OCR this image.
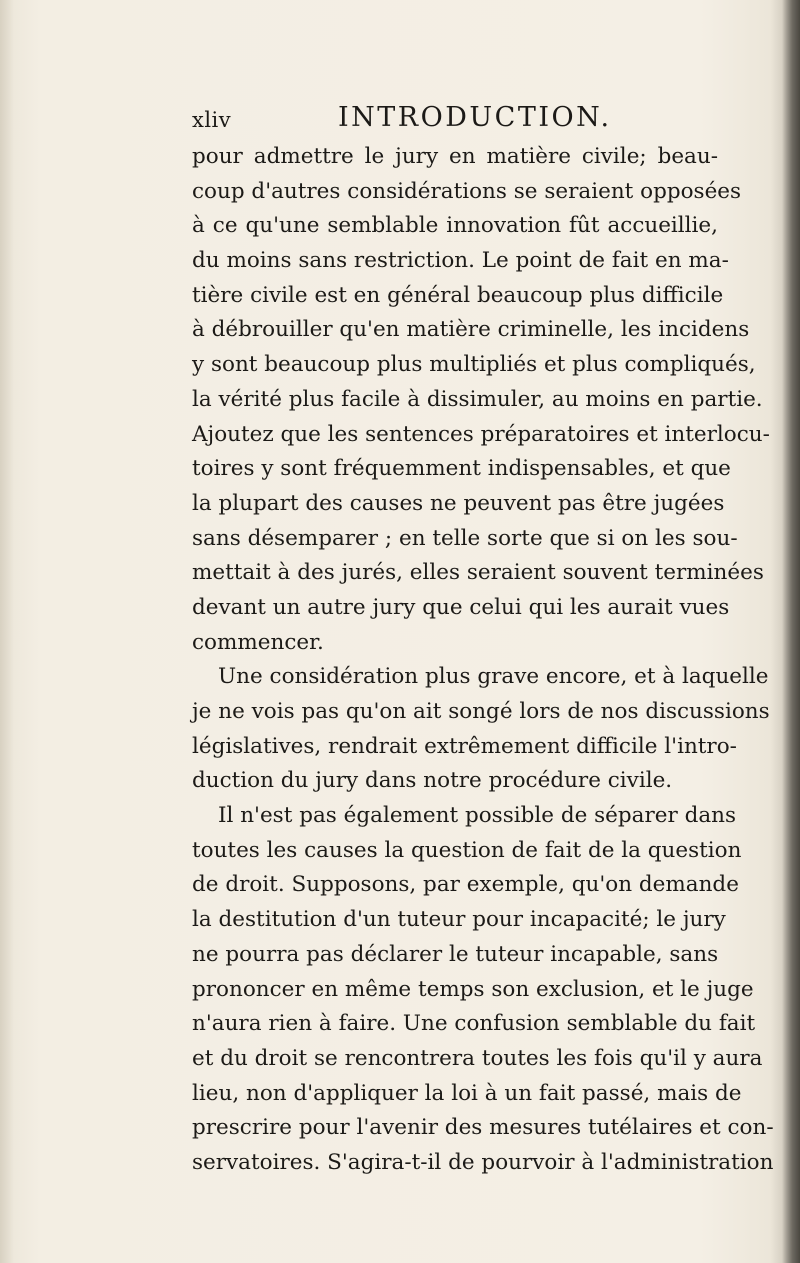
xliv	INTRODUCTION.
pour admettre le jury en matière civile; beau-
coup d'autres considérations se seraient opposées
à ce qu'une semblable innovation fût accueillie,
du moins sans restriction. Le point de fait en ma-
tière civile est en général beaucoup plus difficile
à débrouiller qu'en matière criminelle, les incidens
y sont beaucoup plus multipliés et plus compliqués,
la vérité plus facile à dissimuler, au moins en partie.
Ajoutez que les sentences préparatoires et interlocu-
toires y sont fréquemment indispensables, et que
la plupart des causes ne peuvent pas être jugées
sans désemparer ; en telle sorte que si on les sou-
mettait à des jurés, elles seraient souvent terminées
devant un autre jury que celui qui les aurait vues
commencer.
Une considération plus grave encore, et à laquelle
je ne vois pas qu'on ait songé lors de nos discussions
législatives, rendrait extrêmement difficile l'intro-
duction du jury dans notre procédure civile.
Il n'est pas également possible de séparer dans
toutes les causes la question de fait de la question
de droit. Supposons, par exemple, qu'on demande
la destitution d'un tuteur pour incapacité; le jury
ne pourra pas déclarer le tuteur incapable, sans
prononcer en même temps son exclusion, et le juge
n'aura rien à faire. Une confusion semblable du fait
et du droit se rencontrera toutes les fois qu'il y aura
lieu, non d'appliquer la loi à un fait passé, mais de
prescrire pour l'avenir des mesures tutélaires et con-
servatoires. S'agira-t-il de pourvoir à l'administration
